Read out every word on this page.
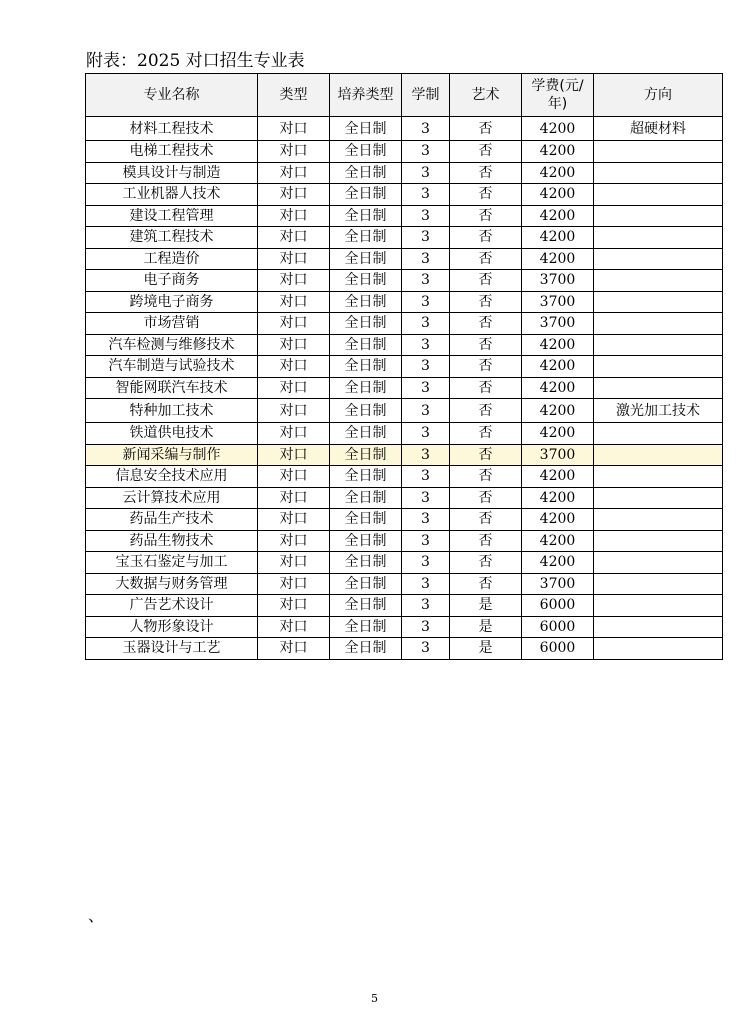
附表：2025 对口招生专业表
专业名称	类型	培养类型	学制	艺术	学费(元/年)	方向
材料工程技术	对口	全日制	3	否	4200	超硬材料
电梯工程技术	对口	全日制	3	否	4200	
模具设计与制造	对口	全日制	3	否	4200	
工业机器人技术	对口	全日制	3	否	4200	
建设工程管理	对口	全日制	3	否	4200	
建筑工程技术	对口	全日制	3	否	4200	
工程造价	对口	全日制	3	否	4200	
电子商务	对口	全日制	3	否	3700	
跨境电子商务	对口	全日制	3	否	3700	
市场营销	对口	全日制	3	否	3700	
汽车检测与维修技术	对口	全日制	3	否	4200	
汽车制造与试验技术	对口	全日制	3	否	4200	
智能网联汽车技术	对口	全日制	3	否	4200	
特种加工技术	对口	全日制	3	否	4200	激光加工技术
铁道供电技术	对口	全日制	3	否	4200	
新闻采编与制作	对口	全日制	3	否	3700	
信息安全技术应用	对口	全日制	3	否	4200	
云计算技术应用	对口	全日制	3	否	4200	
药品生产技术	对口	全日制	3	否	4200	
药品生物技术	对口	全日制	3	否	4200	
宝玉石鉴定与加工	对口	全日制	3	否	4200	
大数据与财务管理	对口	全日制	3	否	3700	
广告艺术设计	对口	全日制	3	是	6000	
人物形象设计	对口	全日制	3	是	6000	
玉器设计与工艺	对口	全日制	3	是	6000	
、
5
